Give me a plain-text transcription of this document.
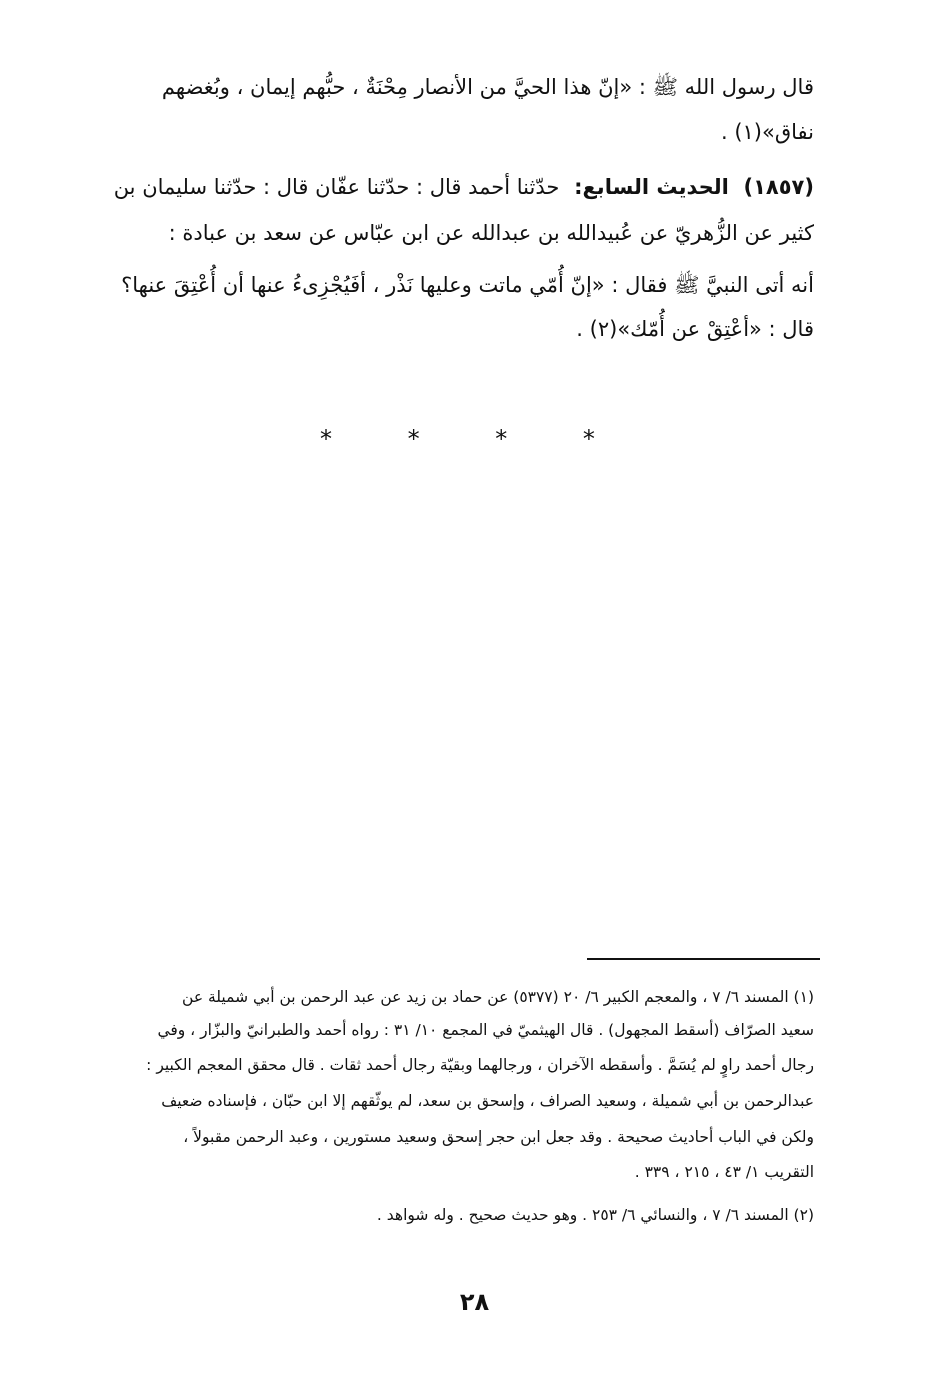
قال رسول الله ﷺ : «إنّ هذا الحيَّ من الأنصار مِحْنَةٌ ، حبُّهم إيمان ، وبُغضهم
نفاق»(١) .
(١٨٥٧) الحديث السابع: حدّثنا أحمد قال : حدّثنا عفّان قال : حدّثنا سليمان بن
كثير عن الزُّهريّ عن عُبيدالله بن عبدالله عن ابن عبّاس عن سعد بن عبادة :
أنه أتى النبيَّ ﷺ فقال : «إنّ أُمّي ماتت وعليها نَذْر ، أفَيُجْزِىءُ عنها أن أُعْتِقَ عنها؟
قال : «أعْتِقْ عن أُمّك»(٢) .
* * * *
(١) المسند ٦/ ٧ ، والمعجم الكبير ٦/ ٢٠ (٥٣٧٧) عن حماد بن زيد عن عبد الرحمن بن أبي شميلة عن
سعيد الصرّاف (أسقط المجهول) . قال الهيثميّ في المجمع ١٠/ ٣١ : رواه أحمد والطبرانيّ والبزّار ، وفي
رجال أحمد راوٍ لم يُسَمَّ . وأسقطه الآخران ، ورجالهما وبقيّة رجال أحمد ثقات . قال محقق المعجم الكبير :
عبدالرحمن بن أبي شميلة ، وسعيد الصراف ، وإسحق بن سعد، لم يوثّقهم إلا ابن حبّان ، فإسناده ضعيف
ولكن في الباب أحاديث صحيحة . وقد جعل ابن حجر إسحق وسعيد مستورين ، وعبد الرحمن مقبولاً ،
التقريب ١/ ٤٣ ، ٢١٥ ، ٣٣٩ .
(٢) المسند ٦/ ٧ ، والنسائي ٦/ ٢٥٣ . وهو حديث صحيح . وله شواهد .
٢٨
